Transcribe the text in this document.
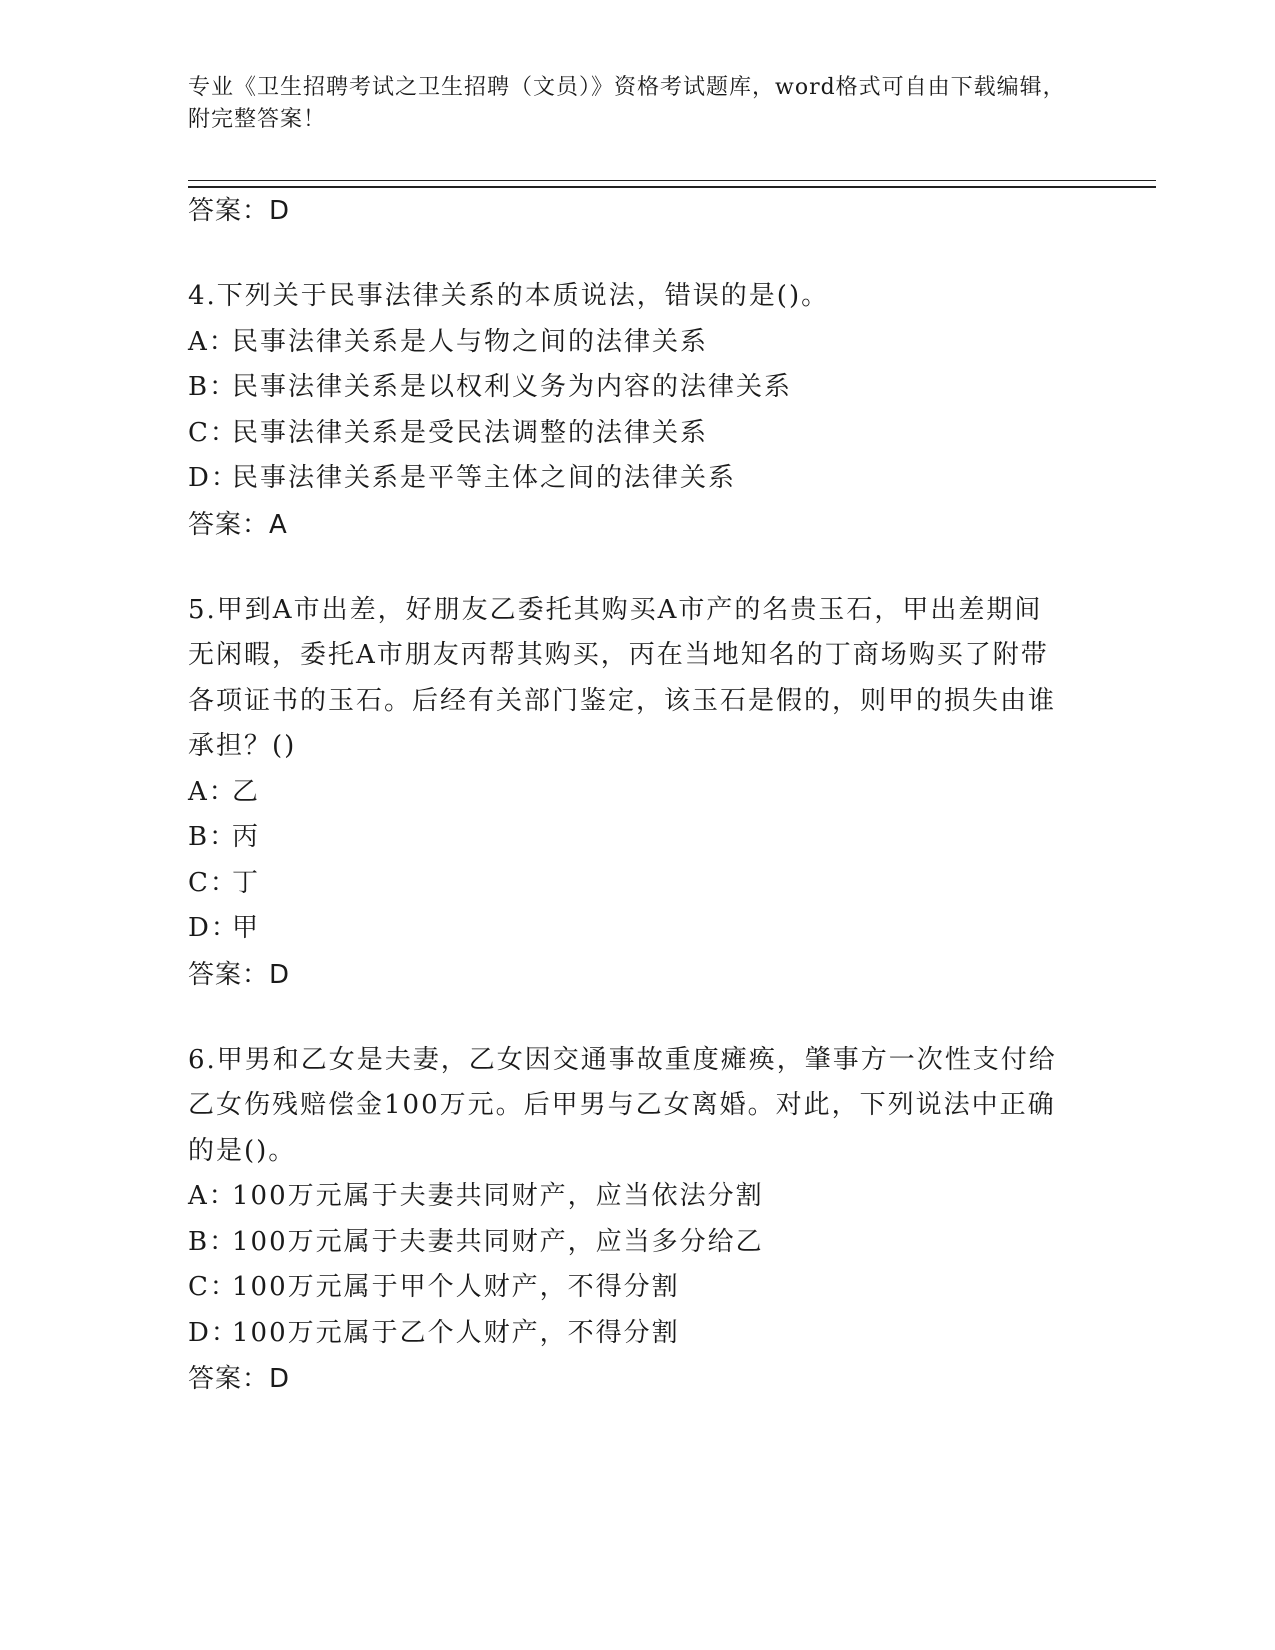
专业《卫生招聘考试之卫生招聘（文员）》资格考试题库，word格式可自由下载编辑，附完整答案！
答案：D
4.下列关于民事法律关系的本质说法，错误的是()。
A：民事法律关系是人与物之间的法律关系
B：民事法律关系是以权利义务为内容的法律关系
C：民事法律关系是受民法调整的法律关系
D：民事法律关系是平等主体之间的法律关系
答案：A
5.甲到A市出差，好朋友乙委托其购买A市产的名贵玉石，甲出差期间无闲暇，委托A市朋友丙帮其购买，丙在当地知名的丁商场购买了附带各项证书的玉石。后经有关部门鉴定，该玉石是假的，则甲的损失由谁承担？()
A：乙
B：丙
C：丁
D：甲
答案：D
6.甲男和乙女是夫妻，乙女因交通事故重度瘫痪，肇事方一次性支付给乙女伤残赔偿金100万元。后甲男与乙女离婚。对此，下列说法中正确的是()。
A：100万元属于夫妻共同财产，应当依法分割
B：100万元属于夫妻共同财产，应当多分给乙
C：100万元属于甲个人财产，不得分割
D：100万元属于乙个人财产，不得分割
答案：D
